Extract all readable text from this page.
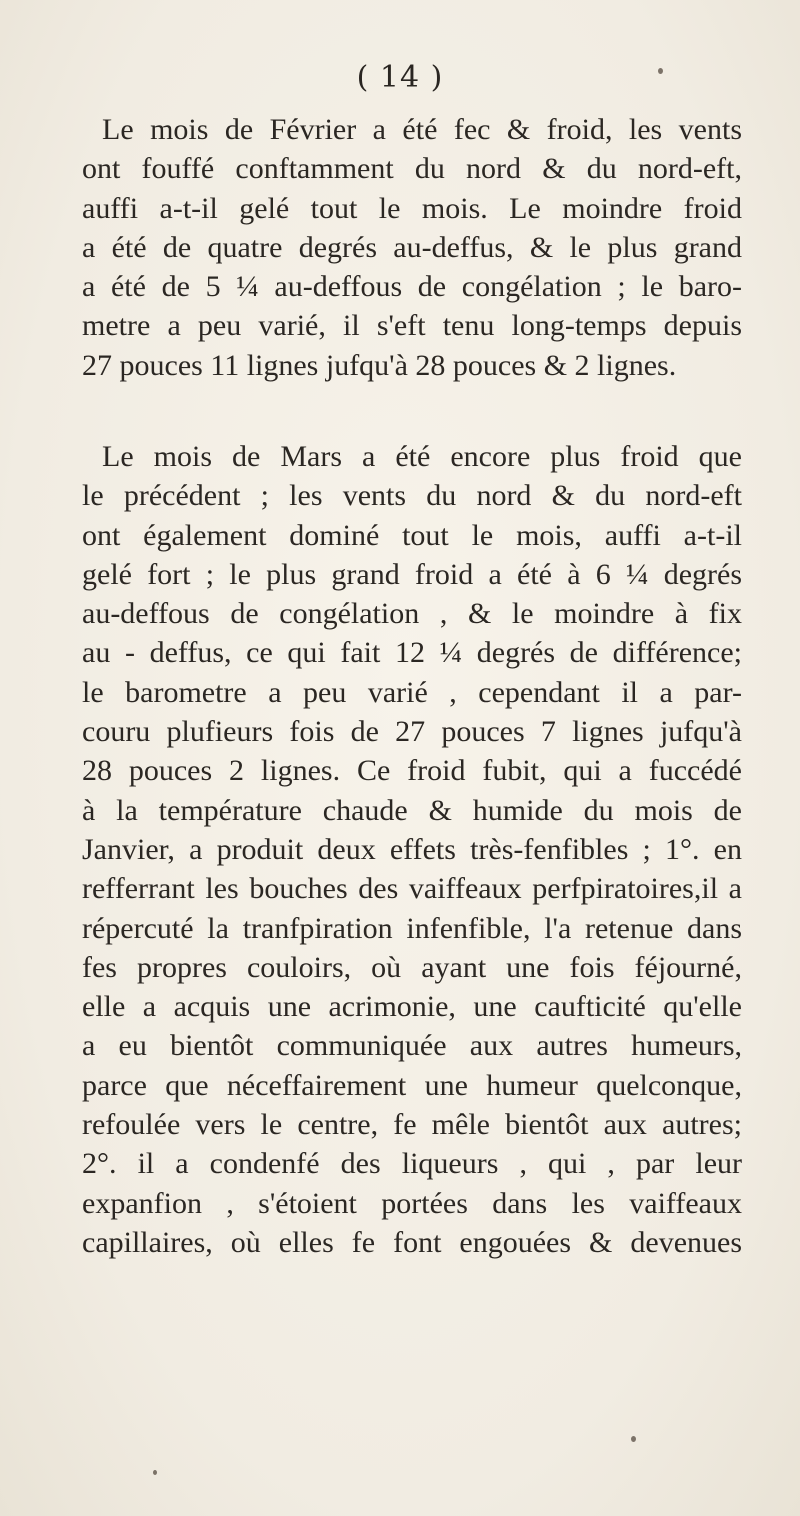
( 14 )
Le mois de Février a été fec & froid, les vents
ont fouffé conftamment du nord & du nord-eft,
auffi a-t-il gelé tout le mois. Le moindre froid
a été de quatre degrés au-deffus, & le plus grand
a été de 5 ¼ au-deffous de congélation ; le baro-
metre a peu varié, il s'eft tenu long-temps depuis
27 pouces 11 lignes jufqu'à 28 pouces & 2 lignes.
Le mois de Mars a été encore plus froid que
le précédent ; les vents du nord & du nord-eft
ont également dominé tout le mois, auffi a-t-il
gelé fort ; le plus grand froid a été à 6 ¼ degrés
au-deffous de congélation , & le moindre à fix
au - deffus, ce qui fait 12 ¼ degrés de différence;
le barometre a peu varié , cependant il a par-
couru plufieurs fois de 27 pouces 7 lignes jufqu'à
28 pouces 2 lignes. Ce froid fubit, qui a fuccédé
à la température chaude & humide du mois de
Janvier, a produit deux effets très-fenfibles ; 1°. en
refferrant les bouches des vaiffeaux perfpiratoires,il a
répercuté la tranfpiration infenfible, l'a retenue dans
fes propres couloirs, où ayant une fois féjourné,
elle a acquis une acrimonie, une caufticité qu'elle
a eu bientôt communiquée aux autres humeurs,
parce que néceffairement une humeur quelconque,
refoulée vers le centre, fe mêle bientôt aux autres;
2°. il a condenfé des liqueurs , qui , par leur
expanfion , s'étoient portées dans les vaiffeaux
capillaires, où elles fe font engouées & devenues
